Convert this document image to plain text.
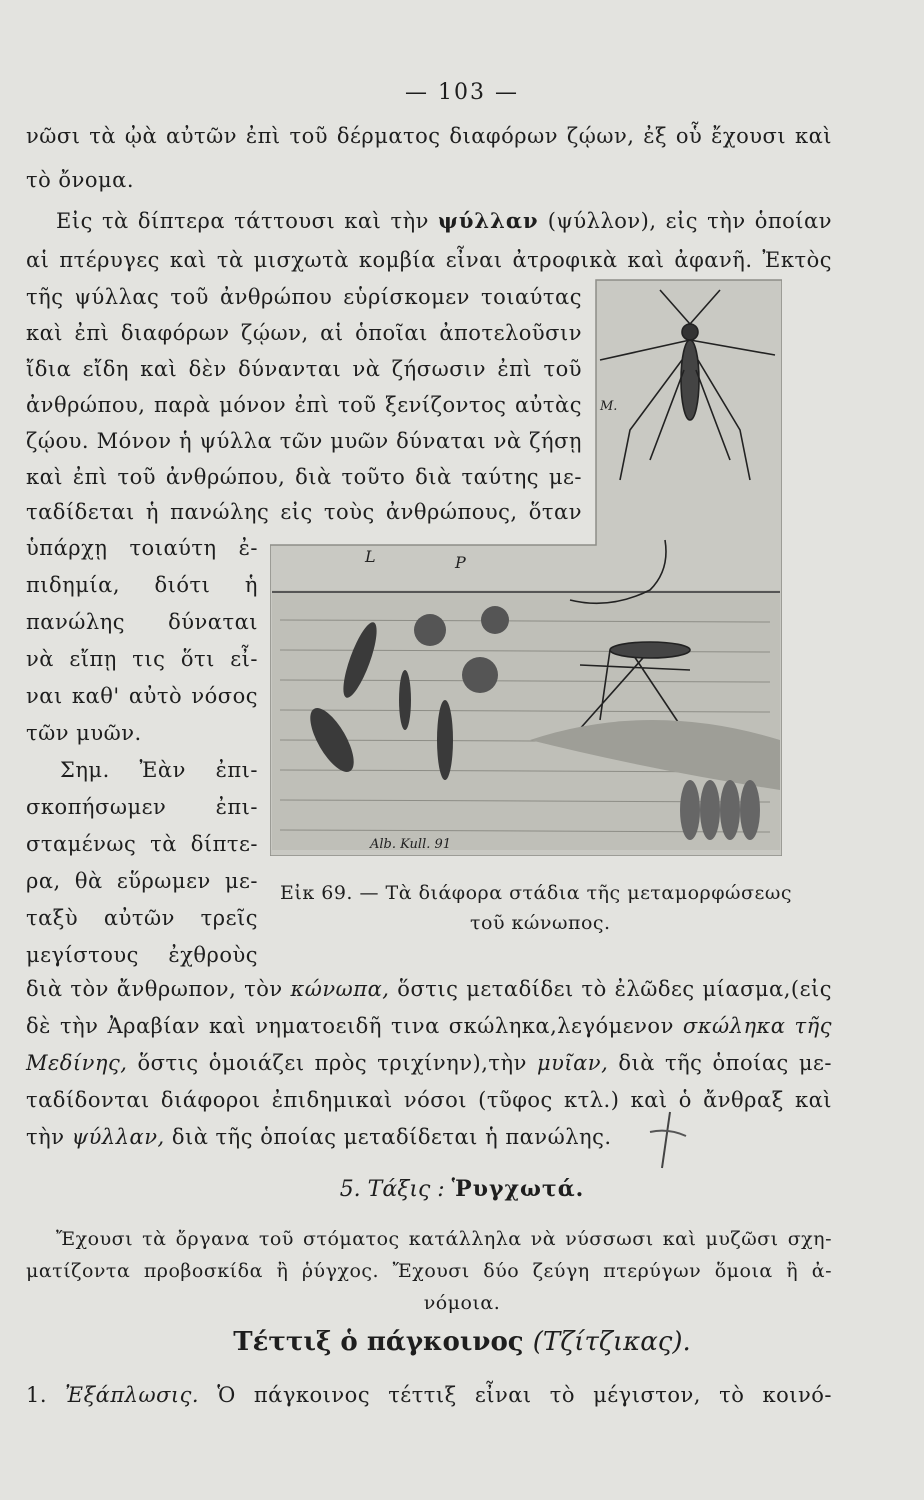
— 103 —
νῶσι τὰ ᾠὰ αὐτῶν ἐπὶ τοῦ δέρματος διαφόρων ζῴων, ἐξ οὗ ἔχουσι καὶ
τὸ ὄνομα.
Εἰς τὰ δίπτερα τάττουσι καὶ τὴν ψύλλαν (ψύλλον), εἰς τὴν ὁποίαν
αἱ πτέρυγες καὶ τὰ μισχωτὰ κομβία εἶναι ἀτροφικὰ καὶ ἀφανῆ. Ἐκτὸς
τῆς ψύλλας τοῦ ἀνθρώπου εὑρίσκομεν τοιαύτας
καὶ ἐπὶ διαφόρων ζῴων, αἱ ὁποῖαι ἀποτελοῦσιν
ἴδια εἴδη καὶ δὲν δύνανται νὰ ζήσωσιν ἐπὶ τοῦ
ἀνθρώπου, παρὰ μόνον ἐπὶ τοῦ ξενίζοντος αὐτὰς
ζῴου. Μόνον ἡ ψύλλα τῶν μυῶν δύναται νὰ ζήσῃ
καὶ ἐπὶ τοῦ ἀνθρώπου, διὰ τοῦτο διὰ ταύτης με-
ταδίδεται ἡ πανώλης εἰς τοὺς ἀνθρώπους, ὅταν
ὑπάρχῃ τοιαύτη ἐ-
πιδημία, διότι ἡ
πανώλης δύναται
νὰ εἴπῃ τις ὅτι εἶ-
ναι καθ' αὐτὸ νόσος
τῶν μυῶν.
Σημ. Ἐὰν ἐπι-
σκοπήσωμεν ἐπι-
σταμένως τὰ δίπτε-
ρα, θὰ εὕρωμεν με-
ταξὺ αὐτῶν τρεῖς
μεγίστους ἐχθροὺς
L	P
M.
Alb. Kull. 91
Εἰκ 69. — Τὰ διάφορα στάδια τῆς μεταμορφώσεως
τοῦ κώνωπος.
διὰ τὸν ἄνθρωπον, τὸν κώνωπα, ὅστις μεταδίδει τὸ ἐλῶδες μίασμα,(εἰς
δὲ τὴν Ἀραβίαν καὶ νηματοειδῆ τινα σκώληκα,λεγόμενον σκώληκα τῆς
Μεδίνης, ὅστις ὁμοιάζει πρὸς τριχίνην),τὴν μυῖαν, διὰ τῆς ὁποίας με-
ταδίδονται διάφοροι ἐπιδημικαὶ νόσοι (τῦφος κτλ.) καὶ ὁ ἄνθραξ καὶ
τὴν ψύλλαν, διὰ τῆς ὁποίας μεταδίδεται ἡ πανώλης.
5. Τάξις : Ῥυγχωτά.
Ἔχουσι τὰ ὄργανα τοῦ στόματος κατάλληλα νὰ νύσσωσι καὶ μυζῶσι σχη-
ματίζοντα προβοσκίδα ἢ ῥύγχος. Ἔχουσι δύο ζεύγη πτερύγων ὅμοια ἢ ἀ-
νόμοια.
Τέττιξ ὁ πάγκοινος (Τζίτζικας).
1. Ἐξάπλωσις. Ὁ πάγκοινος τέττιξ εἶναι τὸ μέγιστον, τὸ κοινό-
